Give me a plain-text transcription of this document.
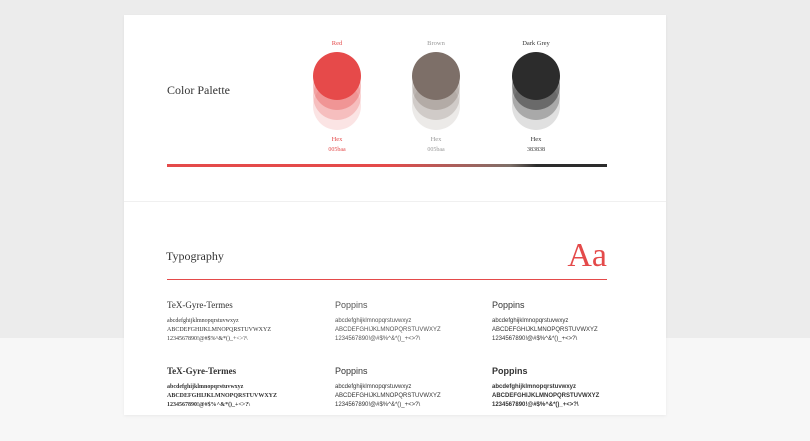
Color Palette
Red
Hex
005baa
Brown
Hex
005baa
Dark Grey
Hex
383838
Typography	Aa
TeX-Gyre-Termes
abcdefghijklmnopqrstuvwxyz
ABCDEFGHIJKLMNOPQRSTUVWXYZ
1234567890!@#$%^&*()_+<>?\
Poppins
abcdefghijklmnopqrstuvwxyz
ABCDEFGHIJKLMNOPQRSTUVWXYZ
1234567890!@#$%^&*()_+<>?\
Poppins
abcdefghijklmnopqrstuvwxyz
ABCDEFGHIJKLMNOPQRSTUVWXYZ
1234567890!@#$%^&*()_+<>?\
TeX-Gyre-Termes
abcdefghijklmnopqrstuvwxyz
ABCDEFGHIJKLMNOPQRSTUVWXYZ
1234567890!@#$%^&*()_+<>?\
Poppins
abcdefghijklmnopqrstuvwxyz
ABCDEFGHIJKLMNOPQRSTUVWXYZ
1234567890!@#$%^&*()_+<>?\
Poppins
abcdefghijklmnopqrstuvwxyz
ABCDEFGHIJKLMNOPQRSTUVWXYZ
1234567890!@#$%^&*()_+<>?\
